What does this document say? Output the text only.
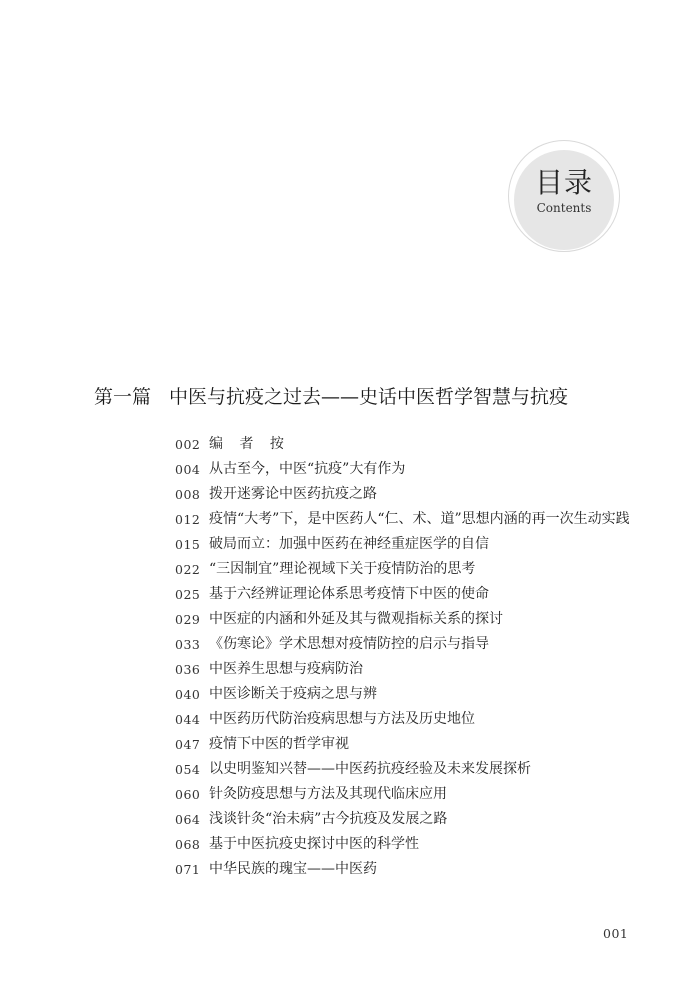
目录
Contents
第一篇 中医与抗疫之过去——史话中医哲学智慧与抗疫
002 编 者 按
004 从古至今，中医“抗疫”大有作为
008 拨开迷雾论中医药抗疫之路
012 疫情“大考”下，是中医药人“仁、术、道”思想内涵的再一次生动实践
015 破局而立：加强中医药在神经重症医学的自信
022 “三因制宜”理论视域下关于疫情防治的思考
025 基于六经辨证理论体系思考疫情下中医的使命
029 中医症的内涵和外延及其与微观指标关系的探讨
033 《伤寒论》学术思想对疫情防控的启示与指导
036 中医养生思想与疫病防治
040 中医诊断关于疫病之思与辨
044 中医药历代防治疫病思想与方法及历史地位
047 疫情下中医的哲学审视
054 以史明鉴知兴替——中医药抗疫经验及未来发展探析
060 针灸防疫思想与方法及其现代临床应用
064 浅谈针灸“治未病”古今抗疫及发展之路
068 基于中医抗疫史探讨中医的科学性
071 中华民族的瑰宝——中医药
001
